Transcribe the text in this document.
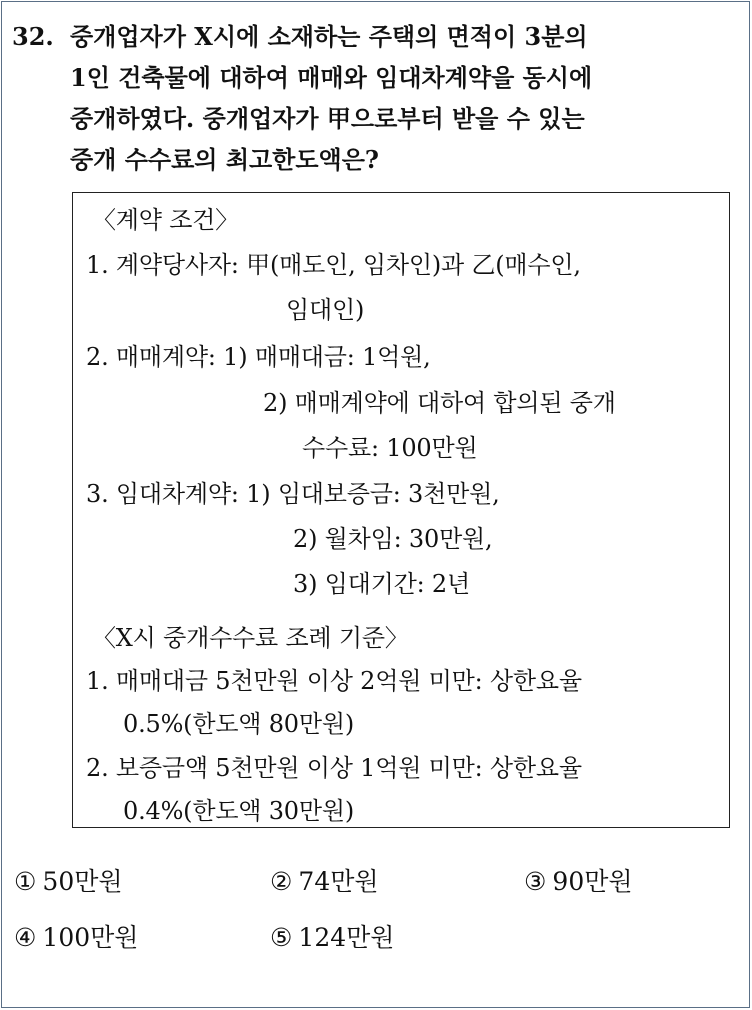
32. 중개업자가 X시에 소재하는 주택의 면적이 3분의
1인 건축물에 대하여 매매와 임대차계약을 동시에
중개하였다. 중개업자가 甲으로부터 받을 수 있는
중개 수수료의 최고한도액은?
〈계약 조건〉
1. 계약당사자: 甲(매도인, 임차인)과 乙(매수인,
임대인)
2. 매매계약: 1) 매매대금: 1억원,
2) 매매계약에 대하여 합의된 중개
수수료: 100만원
3. 임대차계약: 1) 임대보증금: 3천만원,
2) 월차임: 30만원,
3) 임대기간: 2년
〈X시 중개수수료 조례 기준〉
1. 매매대금 5천만원 이상 2억원 미만: 상한요율
0.5%(한도액 80만원)
2. 보증금액 5천만원 이상 1억원 미만: 상한요율
0.4%(한도액 30만원)
① 50만원	② 74만원	③ 90만원
④ 100만원	⑤ 124만원
